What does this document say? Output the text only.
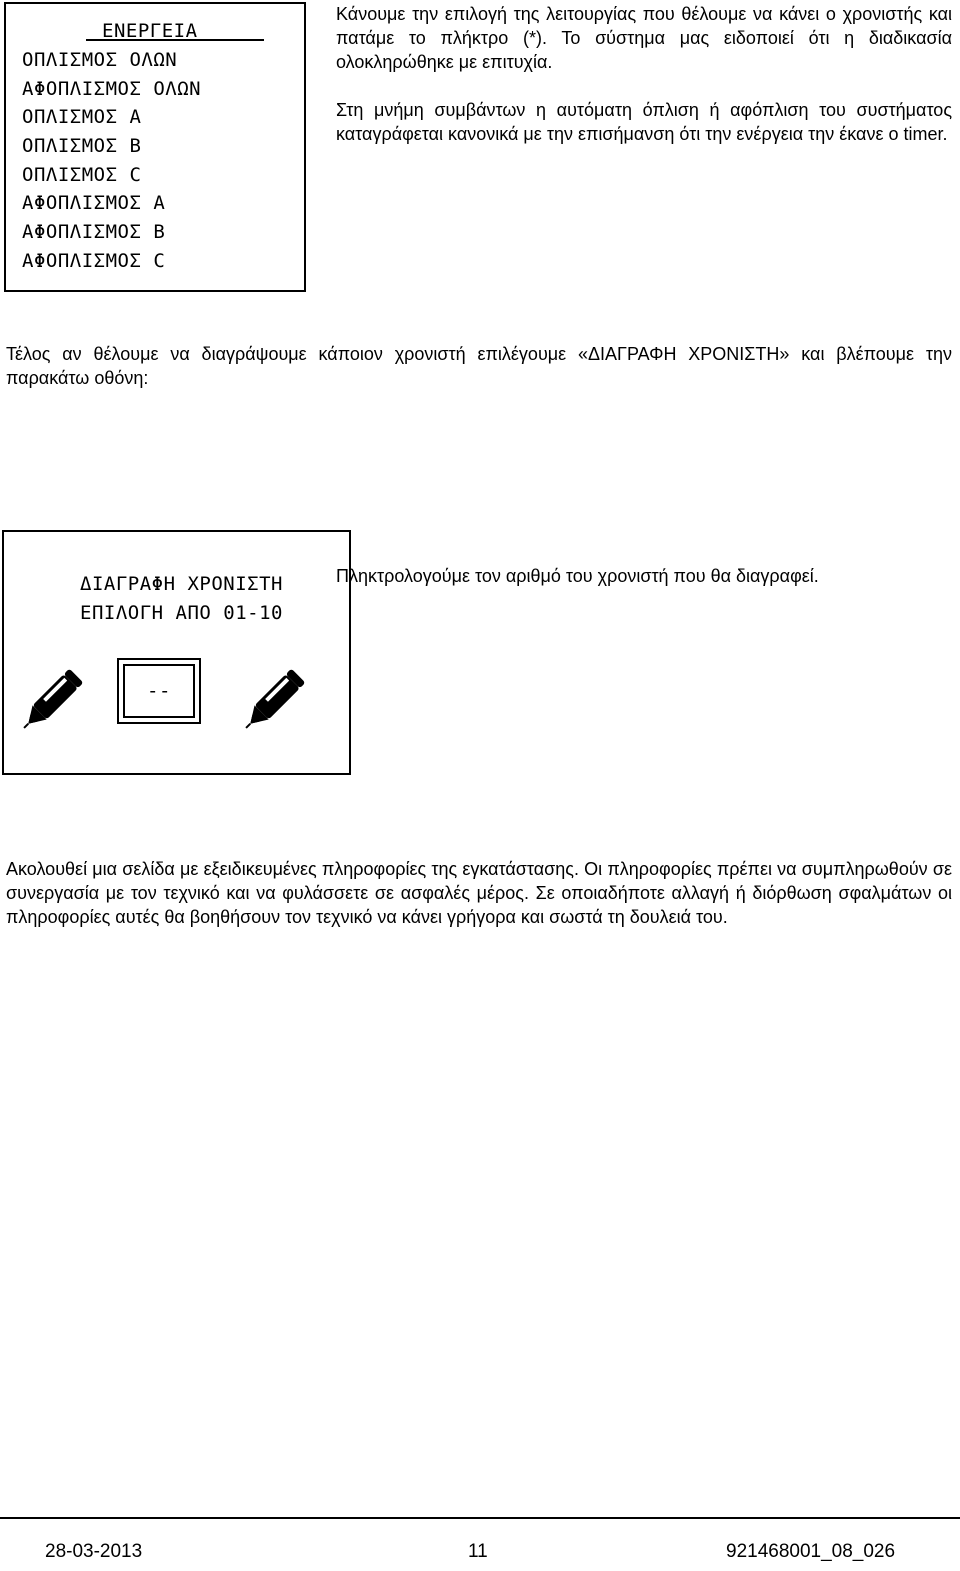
ΕΝΕΡΓΕΙΑ
ΟΠΛΙΣΜΟΣ ΟΛΩΝ
ΑΦΟΠΛΙΣΜΟΣ ΟΛΩΝ
ΟΠΛΙΣΜΟΣ Α
ΟΠΛΙΣΜΟΣ Β
ΟΠΛΙΣΜΟΣ C
ΑΦΟΠΛΙΣΜΟΣ Α
ΑΦΟΠΛΙΣΜΟΣ Β
ΑΦΟΠΛΙΣΜΟΣ C

Κάνουμε την επιλογή της λειτουργίας που θέλουμε να κάνει ο χρονιστής και πατάμε το πλήκτρο (*). Το σύστημα μας ειδοποιεί ότι η διαδικασία ολοκληρώθηκε με επιτυχία.

Στη μνήμη συμβάντων η αυτόματη όπλιση ή αφόπλιση του συστήματος καταγράφεται κανονικά με την επισήμανση ότι την ενέργεια την έκανε ο timer.

Τέλος αν θέλουμε να διαγράψουμε κάποιον χρονιστή επιλέγουμε «ΔΙΑΓΡΑΦΗ ΧΡΟΝΙΣΤΗ» και βλέπουμε την παρακάτω οθόνη:

ΔΙΑΓΡΑΦΗ ΧΡΟΝΙΣΤΗ
ΕΠΙΛΟΓΗ ΑΠΟ 01-10
--

Πληκτρολογούμε τον αριθμό του χρονιστή που θα διαγραφεί.

Ακολουθεί μια σελίδα με εξειδικευμένες πληροφορίες της εγκατάστασης. Οι πληροφορίες πρέπει να συμπληρωθούν σε συνεργασία με τον τεχνικό και να φυλάσσετε σε ασφαλές μέρος. Σε οποιαδήποτε αλλαγή ή διόρθωση σφαλμάτων οι πληροφορίες αυτές θα βοηθήσουν τον τεχνικό να κάνει γρήγορα και σωστά τη δουλειά του.

28-03-2013	11	921468001_08_026
